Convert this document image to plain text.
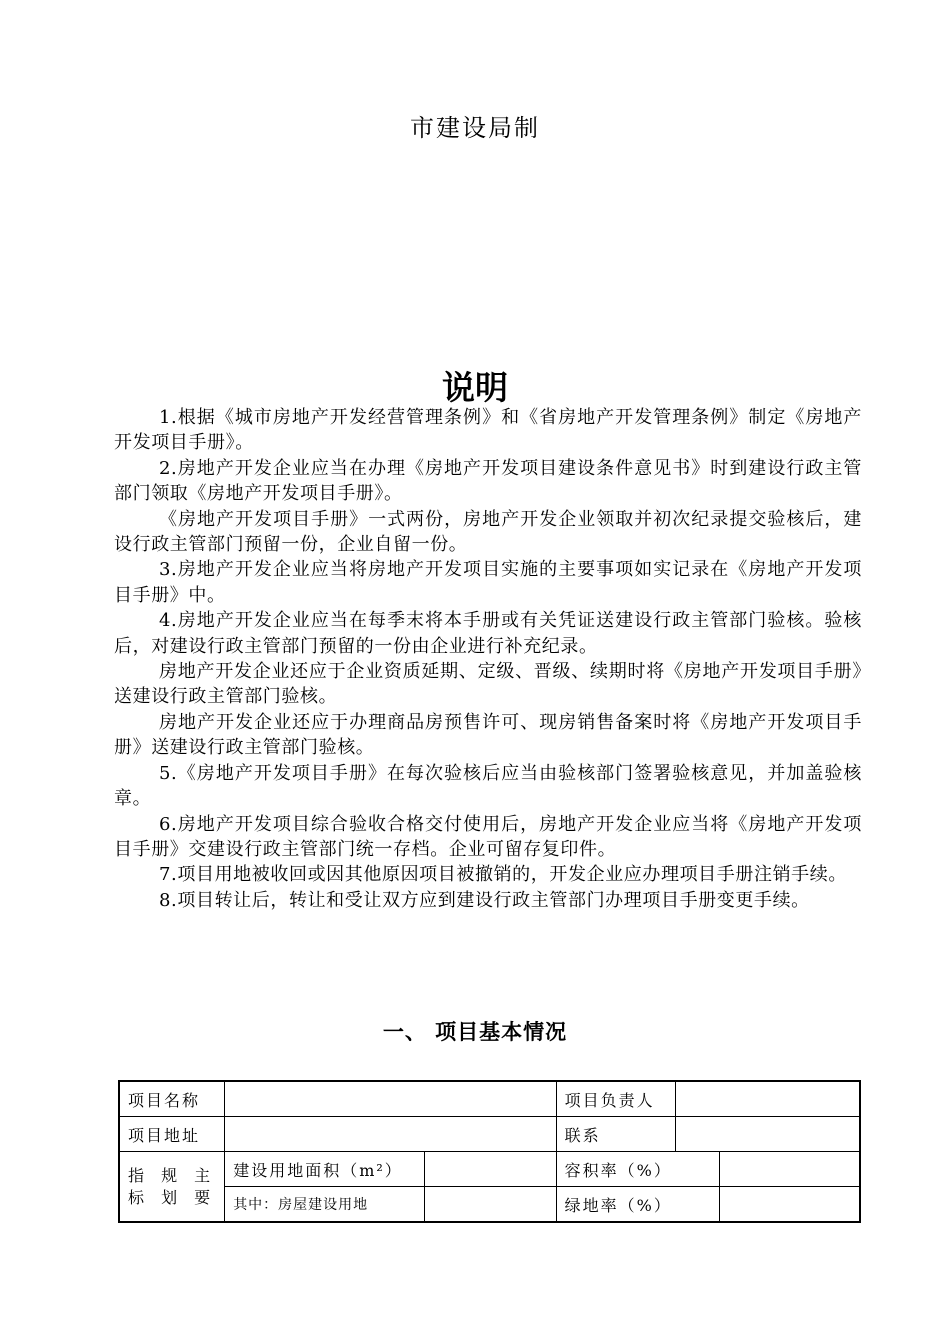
市建设局制
说明

1.根据《城市房地产开发经营管理条例》和《省房地产开发管理条例》制定《房地产开发项目手册》。

2.房地产开发企业应当在办理《房地产开发项目建设条件意见书》时到建设行政主管部门领取《房地产开发项目手册》。

《房地产开发项目手册》一式两份，房地产开发企业领取并初次纪录提交验核后，建设行政主管部门预留一份，企业自留一份。

3.房地产开发企业应当将房地产开发项目实施的主要事项如实记录在《房地产开发项目手册》中。

4.房地产开发企业应当在每季末将本手册或有关凭证送建设行政主管部门验核。验核后，对建设行政主管部门预留的一份由企业进行补充纪录。

房地产开发企业还应于企业资质延期、定级、晋级、续期时将《房地产开发项目手册》送建设行政主管部门验核。

房地产开发企业还应于办理商品房预售许可、现房销售备案时将《房地产开发项目手册》送建设行政主管部门验核。

5.《房地产开发项目手册》在每次验核后应当由验核部门签署验核意见，并加盖验核章。

6.房地产开发项目综合验收合格交付使用后，房地产开发企业应当将《房地产开发项目手册》交建设行政主管部门统一存档。企业可留存复印件。

7.项目用地被收回或因其他原因项目被撤销的，开发企业应办理项目手册注销手续。

8.项目转让后，转让和受让双方应到建设行政主管部门办理项目手册变更手续。

一、 项目基本情况
项目名称			项目负责人		
项目地址			联系		
指 规 主
标 划 要	建设用地面积（m²）		容积率（%）		
	其中：房屋建设用地		绿地率（%）		
